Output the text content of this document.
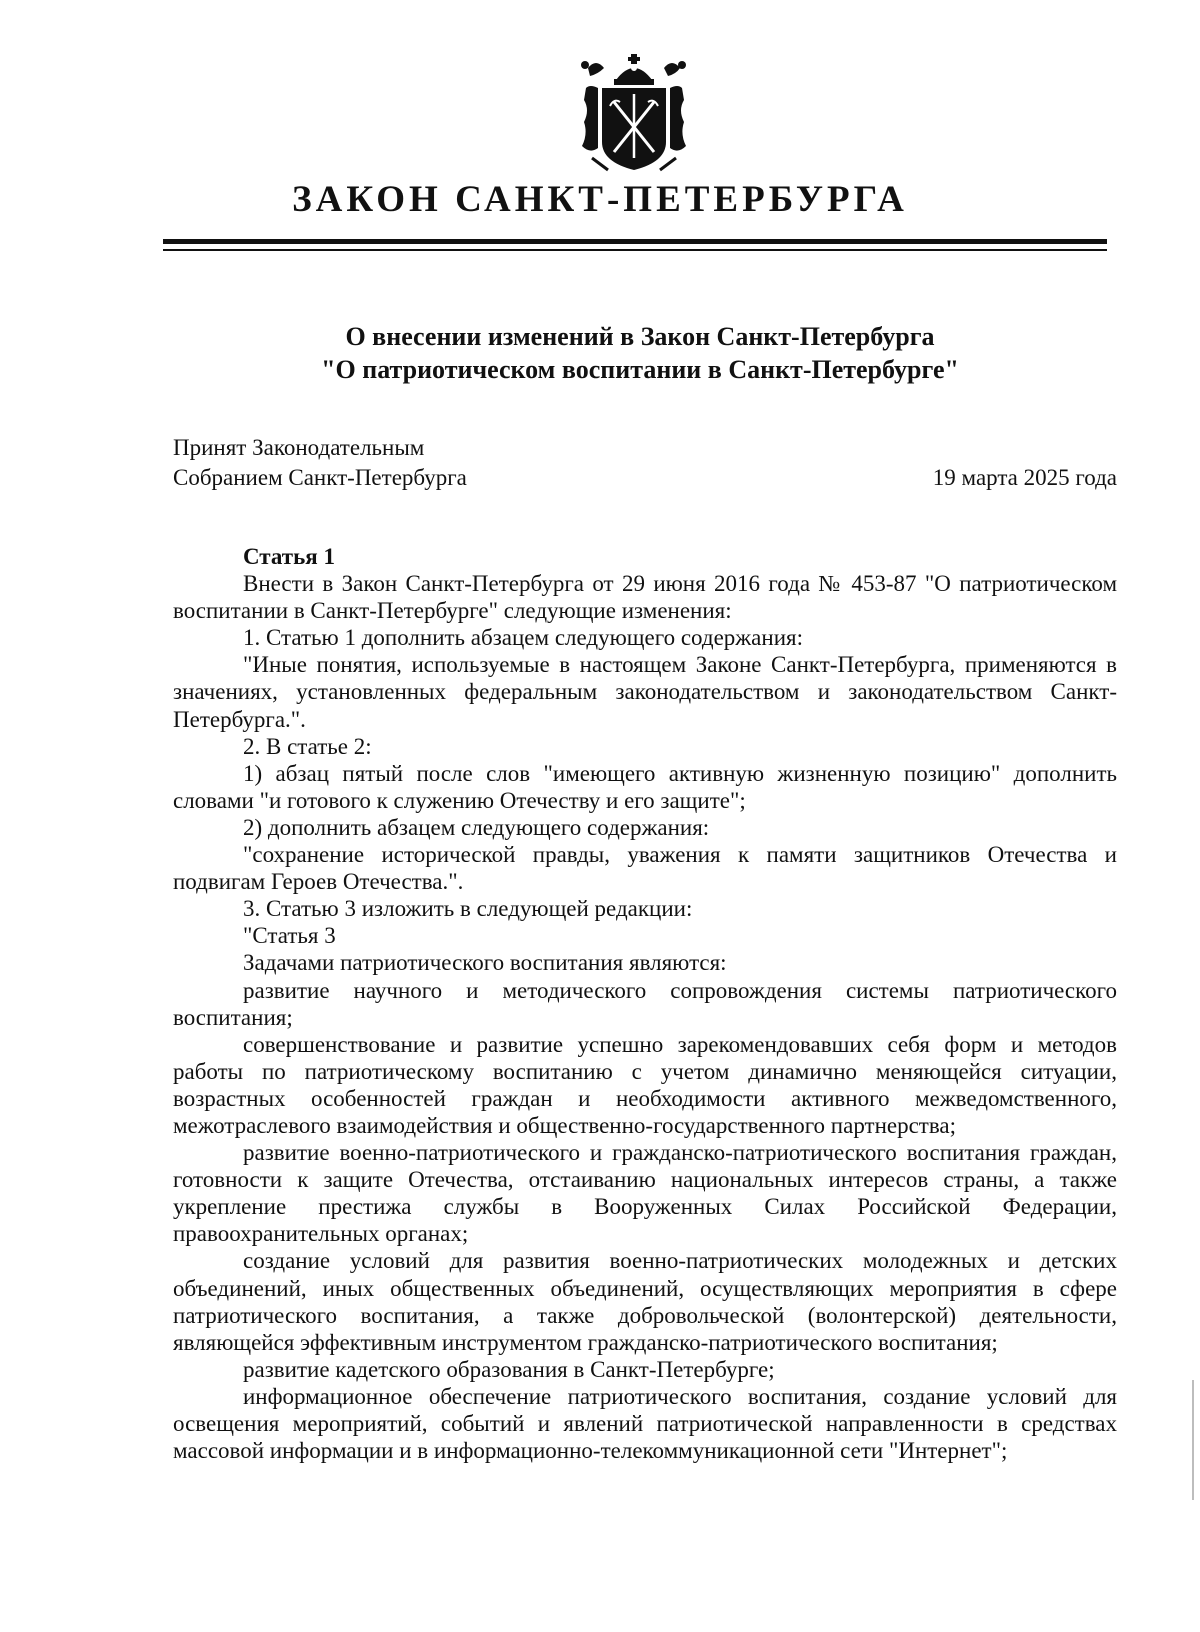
ЗАКОН САНКТ-ПЕТЕРБУРГА
О внесении изменений в Закон Санкт-Петербурга
"О патриотическом воспитании в Санкт-Петербурге"
Принят Законодательным
Собранием Санкт-Петербурга	19 марта 2025 года

Статья 1

Внести в Закон Санкт-Петербурга от 29 июня 2016 года № 453-87 "О патриотическом воспитании в Санкт-Петербурге" следующие изменения:

1. Статью 1 дополнить абзацем следующего содержания:

"Иные понятия, используемые в настоящем Законе Санкт-Петербурга, применяются в значениях, установленных федеральным законодательством и законодательством Санкт-Петербурга.".

2. В статье 2:

1) абзац пятый после слов "имеющего активную жизненную позицию" дополнить словами "и готового к служению Отечеству и его защите";

2) дополнить абзацем следующего содержания:

"сохранение исторической правды, уважения к памяти защитников Отечества и подвигам Героев Отечества.".

3. Статью 3 изложить в следующей редакции:

"Статья 3

Задачами патриотического воспитания являются:

развитие научного и методического сопровождения системы патриотического воспитания;

совершенствование и развитие успешно зарекомендовавших себя форм и методов работы по патриотическому воспитанию с учетом динамично меняющейся ситуации, возрастных особенностей граждан и необходимости активного межведомственного, межотраслевого взаимодействия и общественно-государственного партнерства;

развитие военно-патриотического и гражданско-патриотического воспитания граждан, готовности к защите Отечества, отстаиванию национальных интересов страны, а также укрепление престижа службы в Вооруженных Силах Российской Федерации, правоохранительных органах;

создание условий для развития военно-патриотических молодежных и детских объединений, иных общественных объединений, осуществляющих мероприятия в сфере патриотического воспитания, а также добровольческой (волонтерской) деятельности, являющейся эффективным инструментом гражданско-патриотического воспитания;

развитие кадетского образования в Санкт-Петербурге;

информационное обеспечение патриотического воспитания, создание условий для освещения мероприятий, событий и явлений патриотической направленности в средствах массовой информации и в информационно-телекоммуникационной сети "Интернет";
